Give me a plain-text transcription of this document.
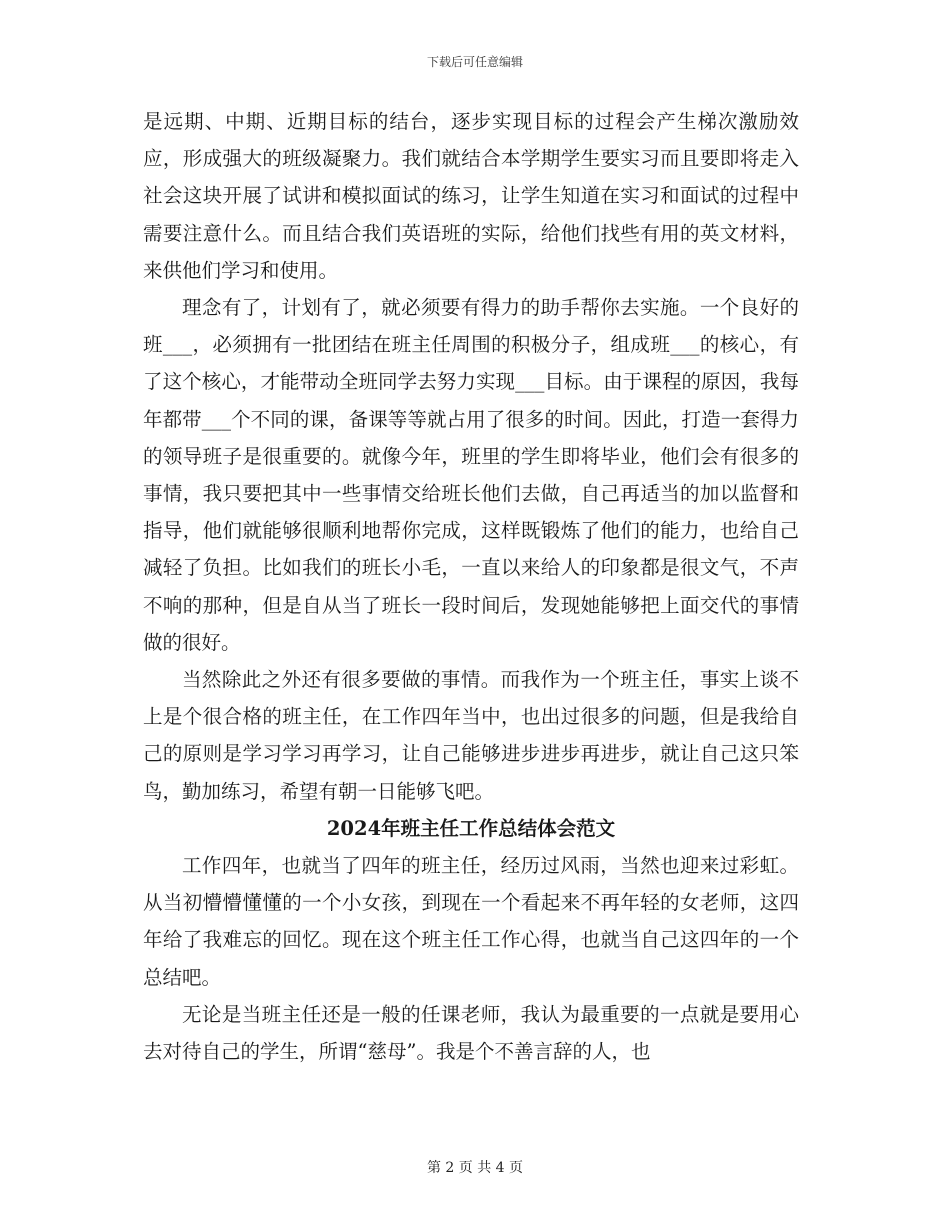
下载后可任意编辑

是远期、中期、近期目标的结台，逐步实现目标的过程会产生梯次激励效应，形成强大的班级凝聚力。我们就结合本学期学生要实习而且要即将走入社会这块开展了试讲和模拟面试的练习，让学生知道在实习和面试的过程中需要注意什么。而且结合我们英语班的实际，给他们找些有用的英文材料，来供他们学习和使用。

理念有了，计划有了，就必须要有得力的助手帮你去实施。一个良好的班___，必须拥有一批团结在班主任周围的积极分子，组成班___的核心，有了这个核心，才能带动全班同学去努力实现___目标。由于课程的原因，我每年都带___个不同的课，备课等等就占用了很多的时间。因此，打造一套得力的领导班子是很重要的。就像今年，班里的学生即将毕业，他们会有很多的事情，我只要把其中一些事情交给班长他们去做，自己再适当的加以监督和指导，他们就能够很顺利地帮你完成，这样既锻炼了他们的能力，也给自己减轻了负担。比如我们的班长小毛，一直以来给人的印象都是很文气，不声不响的那种，但是自从当了班长一段时间后，发现她能够把上面交代的事情做的很好。

当然除此之外还有很多要做的事情。而我作为一个班主任，事实上谈不上是个很合格的班主任，在工作四年当中，也出过很多的问题，但是我给自己的原则是学习学习再学习，让自己能够进步进步再进步，就让自己这只笨鸟，勤加练习，希望有朝一日能够飞吧。

2024年班主任工作总结体会范文

工作四年，也就当了四年的班主任，经历过风雨，当然也迎来过彩虹。从当初懵懵懂懂的一个小女孩，到现在一个看起来不再年轻的女老师，这四年给了我难忘的回忆。现在这个班主任工作心得，也就当自己这四年的一个总结吧。

无论是当班主任还是一般的任课老师，我认为最重要的一点就是要用心去对待自己的学生，所谓“慈母”。我是个不善言辞的人，也

第 2 页 共 4 页
